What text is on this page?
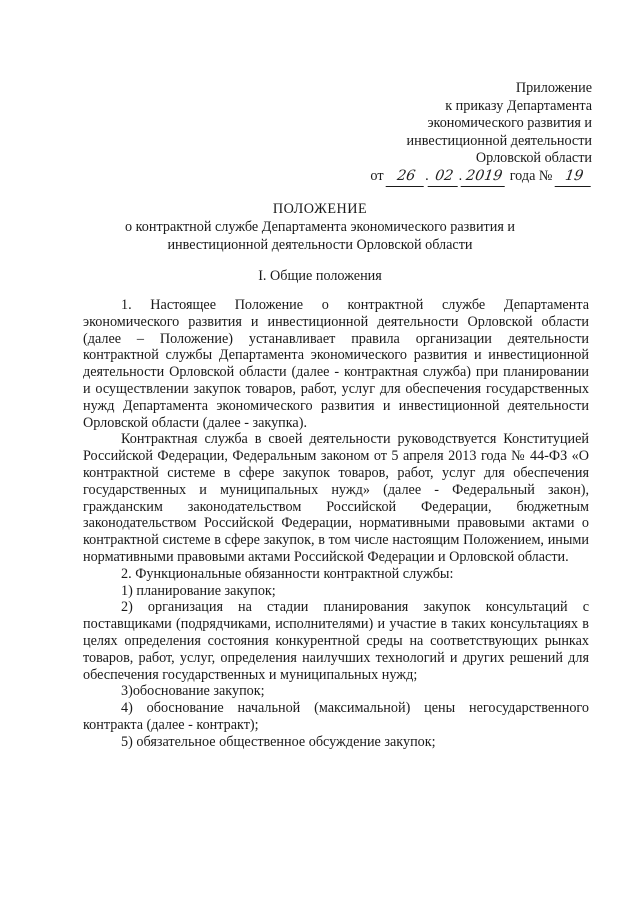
Приложение
к приказу Департамента
экономического развития и
инвестиционной деятельности
Орловской области
от 26 . 02 . 2019 года № 19
ПОЛОЖЕНИЕ
о контрактной службе Департамента экономического развития и
инвестиционной деятельности Орловской области
I. Общие положения

1. Настоящее Положение о контрактной службе Департамента экономического развития и инвестиционной деятельности Орловской области (далее – Положение) устанавливает правила организации деятельности контрактной службы Департамента экономического развития и инвестиционной деятельности Орловской области (далее - контрактная служба) при планировании и осуществлении закупок товаров, работ, услуг для обеспечения государственных нужд Департамента экономического развития и инвестиционной деятельности Орловской области (далее - закупка).

Контрактная служба в своей деятельности руководствуется Конституцией Российской Федерации, Федеральным законом от 5 апреля 2013 года № 44-ФЗ «О контрактной системе в сфере закупок товаров, работ, услуг для обеспечения государственных и муниципальных нужд» (далее - Федеральный закон), гражданским законодательством Российской Федерации, бюджетным законодательством Российской Федерации, нормативными правовыми актами о контрактной системе в сфере закупок, в том числе настоящим Положением, иными нормативными правовыми актами Российской Федерации и Орловской области.

2. Функциональные обязанности контрактной службы:

1) планирование закупок;

2) организация на стадии планирования закупок консультаций с поставщиками (подрядчиками, исполнителями) и участие в таких консультациях в целях определения состояния конкурентной среды на соответствующих рынках товаров, работ, услуг, определения наилучших технологий и других решений для обеспечения государственных и муниципальных нужд;

3)обоснование закупок;

4) обоснование начальной (максимальной) цены негосударственного контракта (далее - контракт);

5) обязательное общественное обсуждение закупок;
